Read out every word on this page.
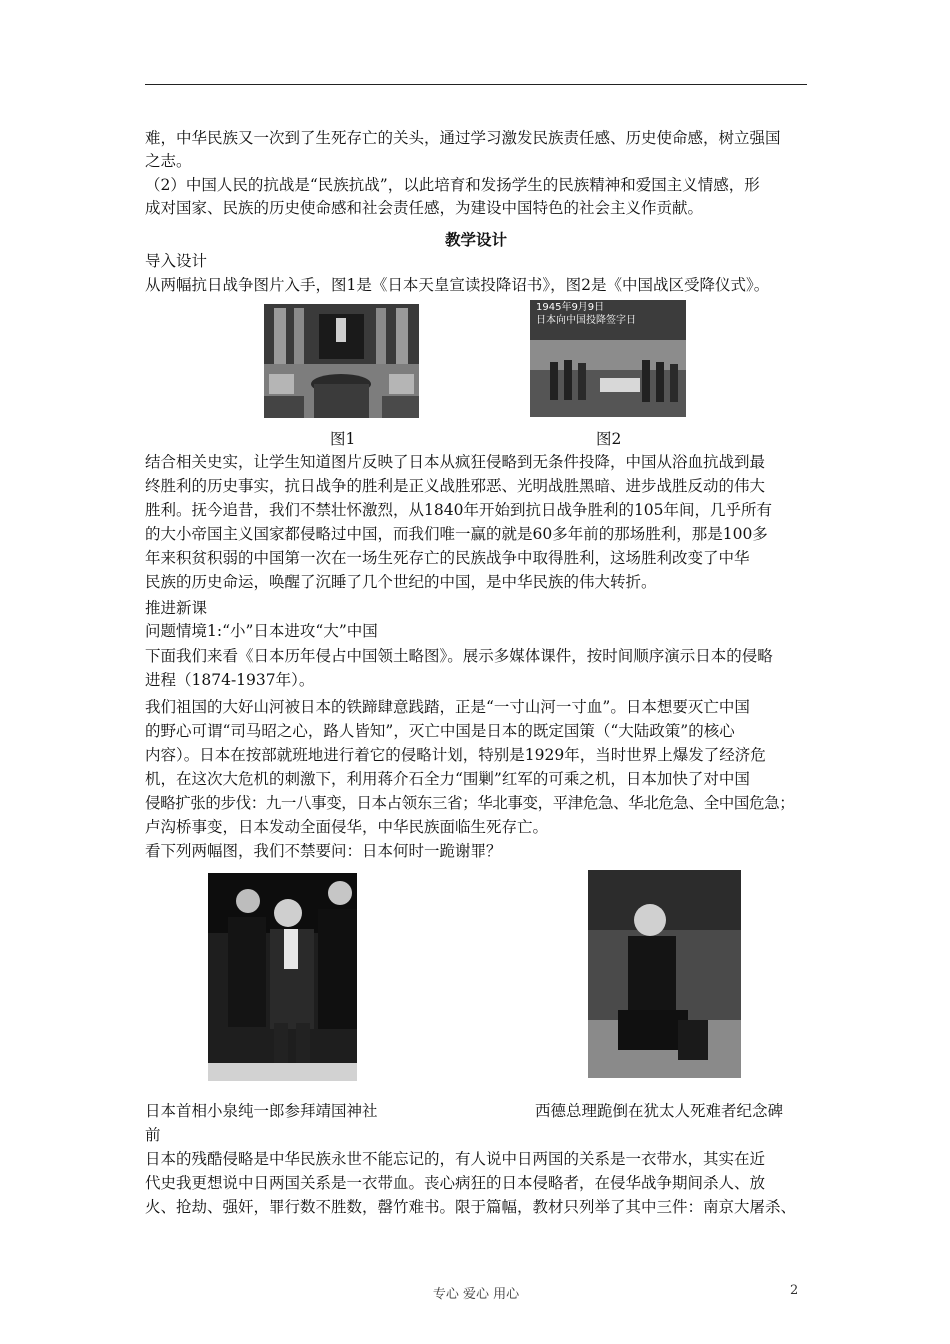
难，中华民族又一次到了生死存亡的关头，通过学习激发民族责任感、历史使命感，树立强国
之志。
（2）中国人民的抗战是“民族抗战”，以此培育和发扬学生的民族精神和爱国主义情感，形
成对国家、民族的历史使命感和社会责任感，为建设中国特色的社会主义作贡献。
教学设计
导入设计
从两幅抗日战争图片入手，图1是《日本天皇宣读投降诏书》，图2是《中国战区受降仪式》。
1945年9月9日
日本向中国投降签字日
图1	图2
结合相关史实，让学生知道图片反映了日本从疯狂侵略到无条件投降，中国从浴血抗战到最
终胜利的历史事实，抗日战争的胜利是正义战胜邪恶、光明战胜黑暗、进步战胜反动的伟大
胜利。抚今追昔，我们不禁壮怀激烈，从1840年开始到抗日战争胜利的105年间，几乎所有
的大小帝国主义国家都侵略过中国，而我们唯一赢的就是60多年前的那场胜利，那是100多
年来积贫积弱的中国第一次在一场生死存亡的民族战争中取得胜利，这场胜利改变了中华
民族的历史命运，唤醒了沉睡了几个世纪的中国，是中华民族的伟大转折。
推进新课
问题情境1:“小”日本进攻“大”中国
下面我们来看《日本历年侵占中国领土略图》。展示多媒体课件，按时间顺序演示日本的侵略
进程（1874-1937年）。
我们祖国的大好山河被日本的铁蹄肆意践踏，正是“一寸山河一寸血”。日本想要灭亡中国
的野心可谓“司马昭之心，路人皆知”，灭亡中国是日本的既定国策（“大陆政策”的核心
内容）。日本在按部就班地进行着它的侵略计划，特别是1929年，当时世界上爆发了经济危
机，在这次大危机的刺激下，利用蒋介石全力“围剿”红军的可乘之机，日本加快了对中国
侵略扩张的步伐：九一八事变，日本占领东三省；华北事变，平津危急、华北危急、全中国危急；
卢沟桥事变，日本发动全面侵华，中华民族面临生死存亡。
看下列两幅图，我们不禁要问：日本何时一跪谢罪？
日本首相小泉纯一郎参拜靖国神社	西德总理跪倒在犹太人死难者纪念碑
前
日本的残酷侵略是中华民族永世不能忘记的，有人说中日两国的关系是一衣带水，其实在近
代史我更想说中日两国关系是一衣带血。丧心病狂的日本侵略者，在侵华战争期间杀人、放
火、抢劫、强奸，罪行数不胜数，罄竹难书。限于篇幅，教材只列举了其中三件：南京大屠杀、
专心 爱心 用心	2
